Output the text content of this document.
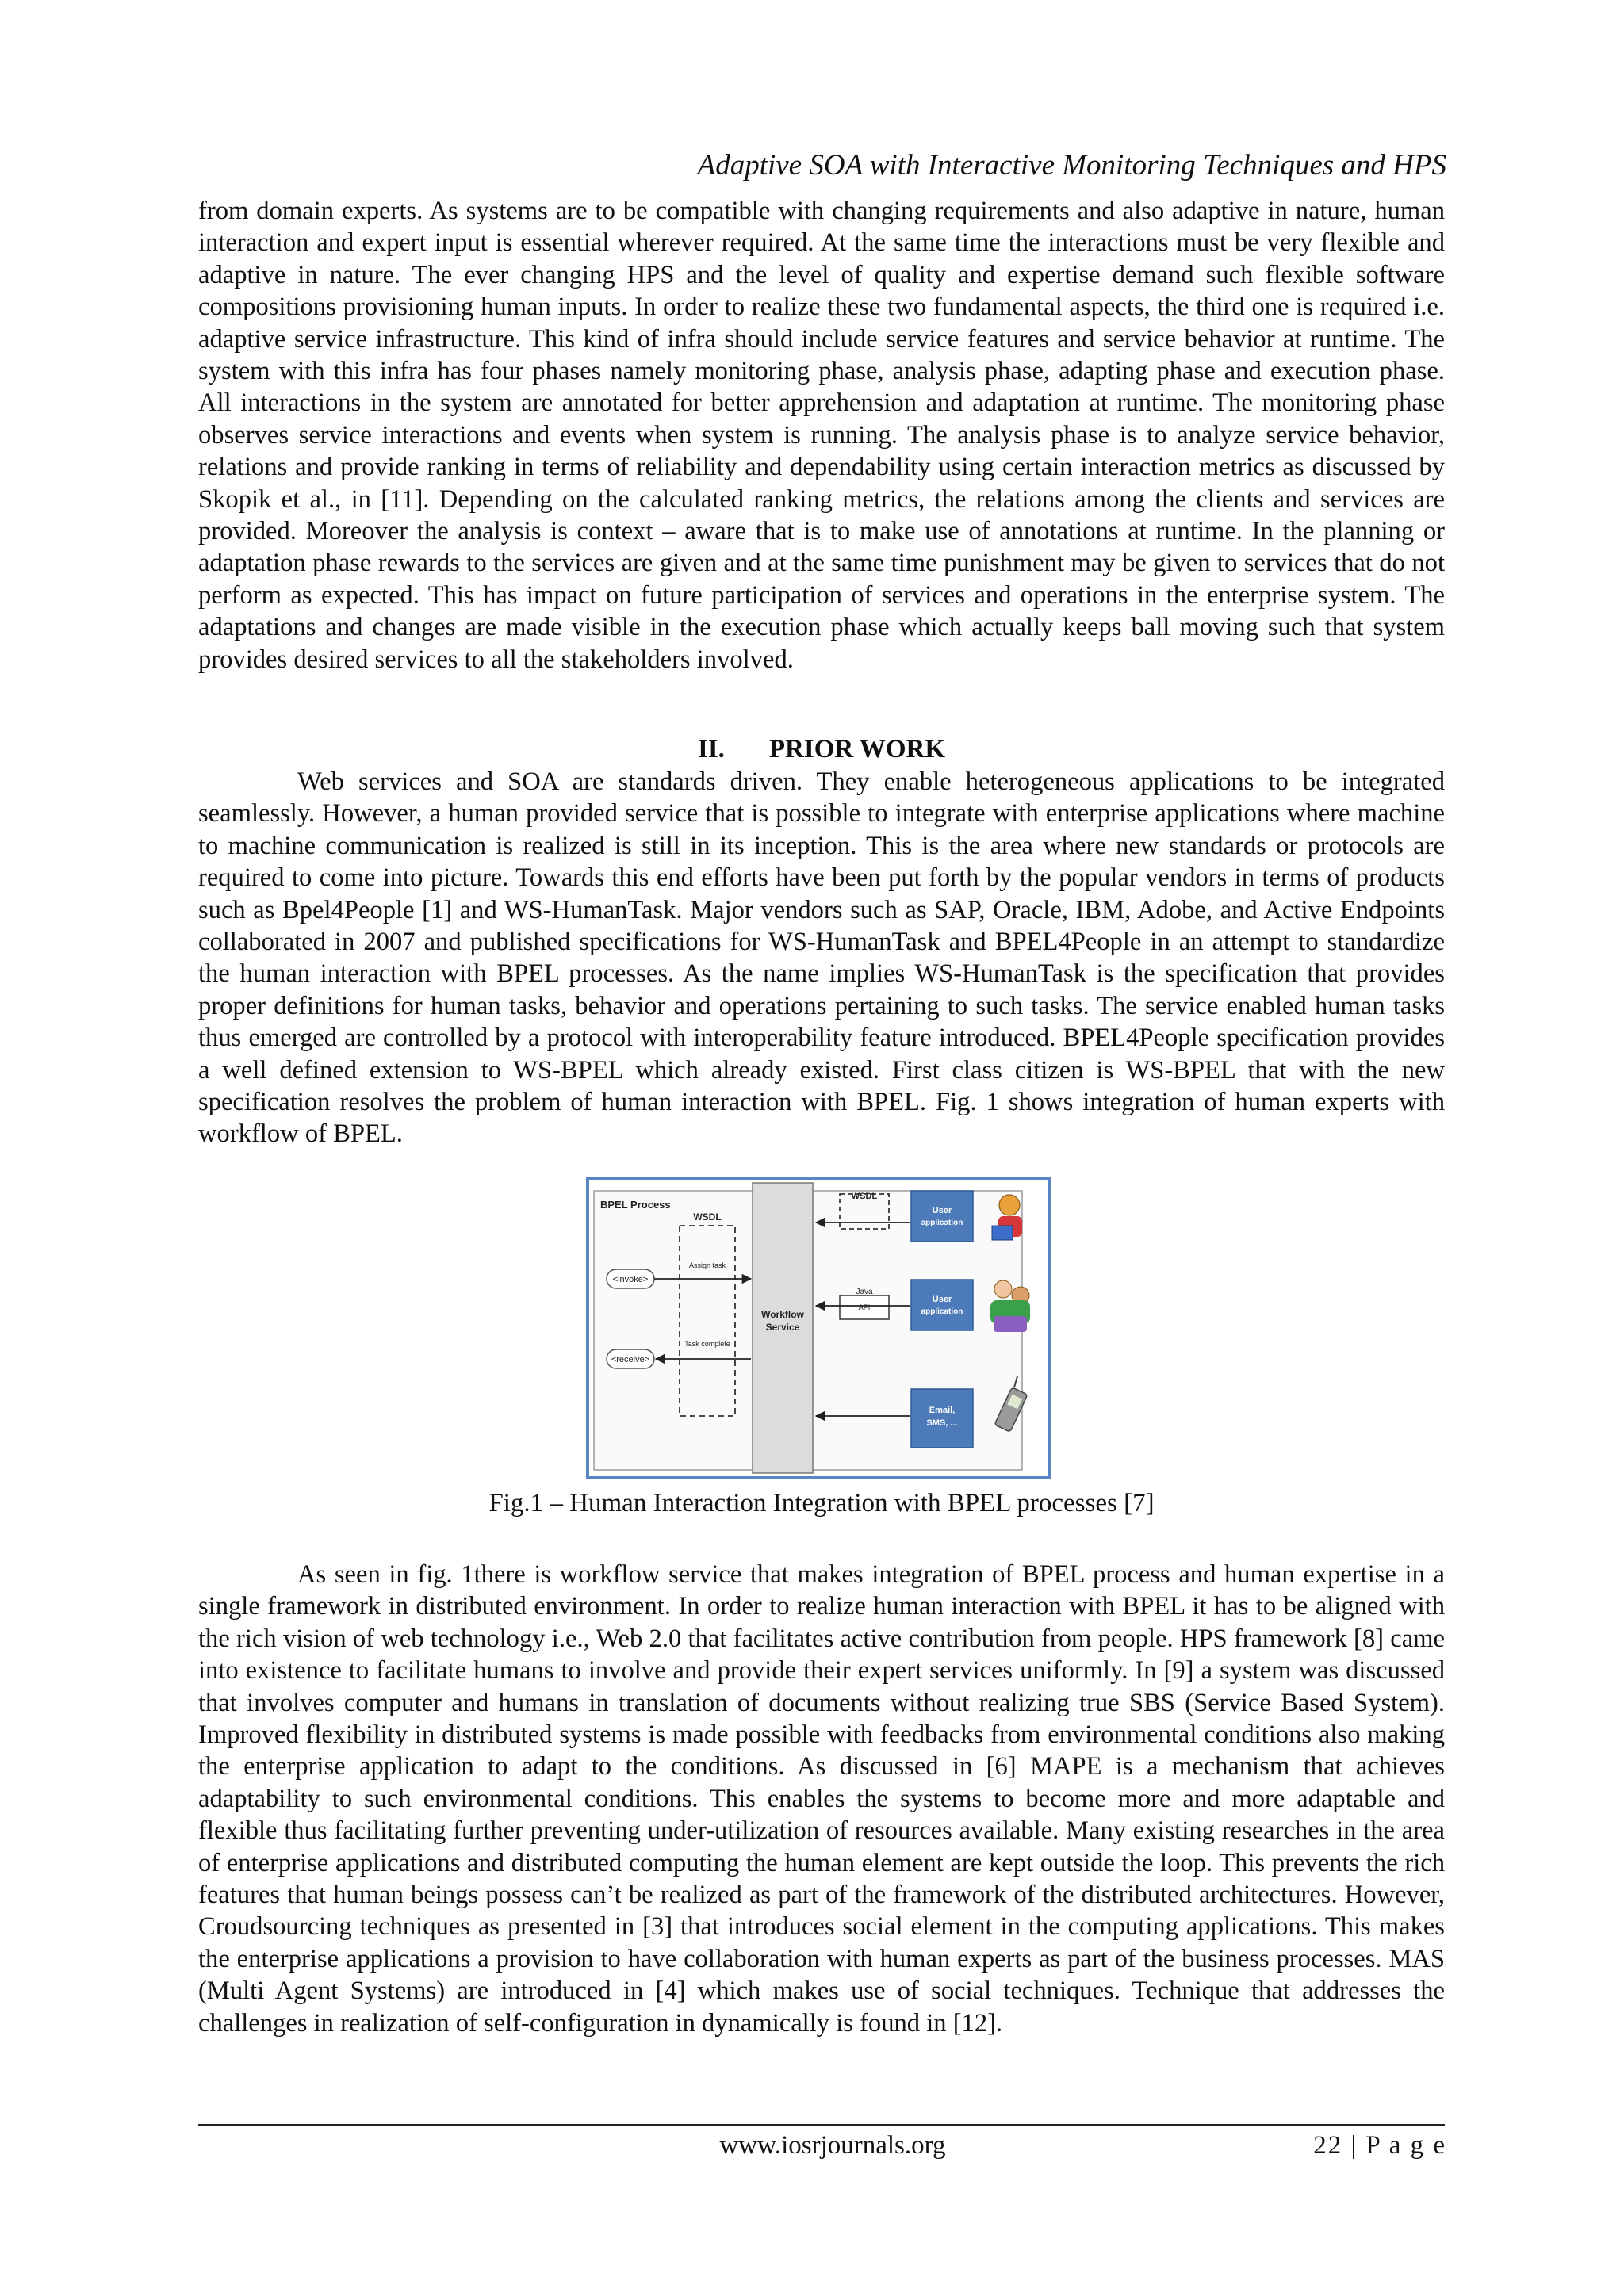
Adaptive SOA with Interactive Monitoring Techniques and HPS

from domain experts. As systems are to be compatible with changing requirements and also adaptive in nature, human interaction and expert input is essential wherever required. At the same time the interactions must be very flexible and adaptive in nature. The ever changing HPS and the level of quality and expertise demand such flexible software compositions provisioning human inputs. In order to realize these two fundamental aspects, the third one is required i.e. adaptive service infrastructure. This kind of infra should include service features and service behavior at runtime. The system with this infra has four phases namely monitoring phase, analysis phase, adapting phase and execution phase. All interactions in the system are annotated for better apprehension and adaptation at runtime. The monitoring phase observes service interactions and events when system is running. The analysis phase is to analyze service behavior, relations and provide ranking in terms of reliability and dependability using certain interaction metrics as discussed by Skopik et al., in [11]. Depending on the calculated ranking metrics, the relations among the clients and services are provided. Moreover the analysis is context – aware that is to make use of annotations at runtime. In the planning or adaptation phase rewards to the services are given and at the same time punishment may be given to services that do not perform as expected. This has impact on future participation of services and operations in the enterprise system. The adaptations and changes are made visible in the execution phase which actually keeps ball moving such that system provides desired services to all the stakeholders involved.

II. PRIOR WORK

Web services and SOA are standards driven. They enable heterogeneous applications to be integrated seamlessly. However, a human provided service that is possible to integrate with enterprise applications where machine to machine communication is realized is still in its inception. This is the area where new standards or protocols are required to come into picture. Towards this end efforts have been put forth by the popular vendors in terms of products such as Bpel4People [1] and WS-HumanTask. Major vendors such as SAP, Oracle, IBM, Adobe, and Active Endpoints collaborated in 2007 and published specifications for WS-HumanTask and BPEL4People in an attempt to standardize the human interaction with BPEL processes. As the name implies WS-HumanTask is the specification that provides proper definitions for human tasks, behavior and operations pertaining to such tasks. The service enabled human tasks thus emerged are controlled by a protocol with interoperability feature introduced. BPEL4People specification provides a well defined extension to WS-BPEL which already existed. First class citizen is WS-BPEL that with the new specification resolves the problem of human interaction with BPEL. Fig. 1 shows integration of human experts with workflow of BPEL.

BPEL Process
<invoke>
<receive>
WSDL
Assign task
Task complete
Workflow
Service
WSDL
Java
API
User
application
User
application
Email,
SMS, ...
Fig.1 – Human Interaction Integration with BPEL processes [7]

As seen in fig. 1there is workflow service that makes integration of BPEL process and human expertise in a single framework in distributed environment. In order to realize human interaction with BPEL it has to be aligned with the rich vision of web technology i.e., Web 2.0 that facilitates active contribution from people. HPS framework [8] came into existence to facilitate humans to involve and provide their expert services uniformly. In [9] a system was discussed that involves computer and humans in translation of documents without realizing true SBS (Service Based System). Improved flexibility in distributed systems is made possible with feedbacks from environmental conditions also making the enterprise application to adapt to the conditions. As discussed in [6] MAPE is a mechanism that achieves adaptability to such environmental conditions. This enables the systems to become more and more adaptable and flexible thus facilitating further preventing under-utilization of resources available. Many existing researches in the area of enterprise applications and distributed computing the human element are kept outside the loop. This prevents the rich features that human beings possess can’t be realized as part of the framework of the distributed architectures. However, Croudsourcing techniques as presented in [3] that introduces social element in the computing applications. This makes the enterprise applications a provision to have collaboration with human experts as part of the business processes. MAS (Multi Agent Systems) are introduced in [4] which makes use of social techniques. Technique that addresses the challenges in realization of self-configuration in dynamically is found in [12].

www.iosrjournals.org	22 | P a g e
